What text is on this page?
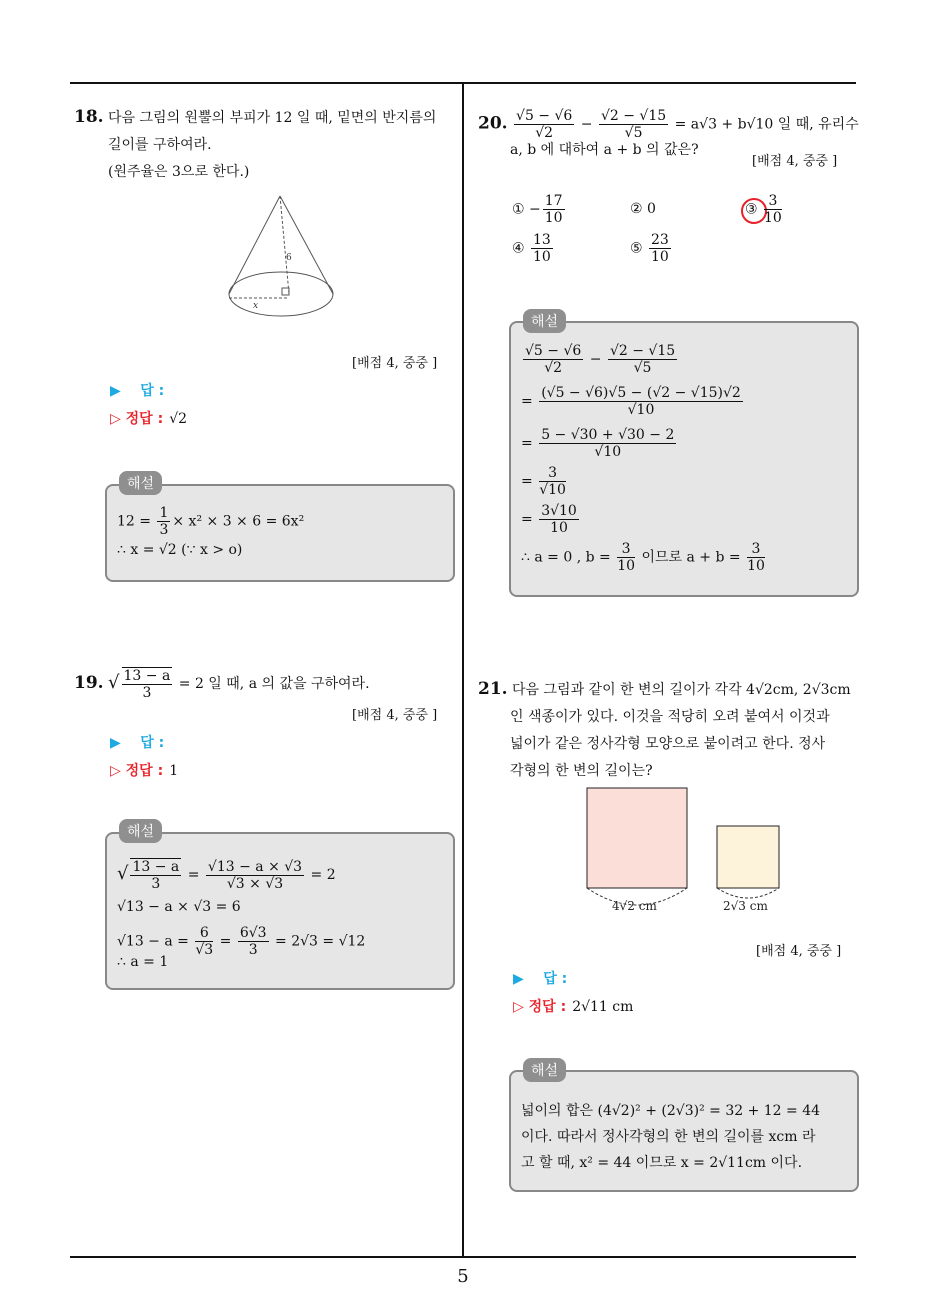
5
18. 다음 그림의 원뿔의 부피가 12 일 때, 밑면의 반지름의
길이를 구하여라.
(원주율은 3으로 한다.)
6
x
[배점 4, 중중 ]
▶ 답 :
▷ 정답 : √2
해설
$12 = \frac{1}{3} \times x^2 \times 3 \times 6 = 6x^2$
∴ x = √2 (∵ x > o)
19. √ $\frac{13 - a}{3} = 2$ 일 때, a 의 값을 구하여라.
[배점 4, 중중 ]
▶ 답 :
▷ 정답 : 1
해설
√ $\frac{13 - a}{3} = \frac{√13 - a \times √3}{√3 \times √3} = 2$
√13 − a × √3 = 6
$√13 - a = \frac{6}{√3} = \frac{6√3}{3} = 2√3 = √12$
∴ a = 1
20. $\frac{√5 - √6}{√2} - \frac{√2 - √15}{√5} = a√3 + b√10$ 일 때, 유리수
a, b 에 대하여 a + b 의 값은?
[배점 4, 중중 ]
① − $\frac{17}{10}$	② 0	③ $\frac{3}{10}$
④ $\frac{13}{10}$	⑤ $\frac{23}{10}$
해설
$\frac{√5 - √6}{√2} - \frac{√2 - √15}{√5}$
= $\frac{(√5 - √6)√5 - (√2 - √15)√2}{√10}$
= $\frac{5 - √30 + √30 - 2}{√10}$
= $\frac{3}{√10}$
= $\frac{3√10}{10}$
∴ a = 0 , $b = \frac{3}{10}$ 이므로 $a + b = \frac{3}{10}$
21. 다음 그림과 같이 한 변의 길이가 각각 4√2cm, 2√3cm
인 색종이가 있다. 이것을 적당히 오려 붙여서 이것과
넓이가 같은 정사각형 모양으로 붙이려고 한다. 정사
각형의 한 변의 길이는?
4√2 cm	2√3 cm
[배점 4, 중중 ]
▶ 답 :
▷ 정답 : 2√11 cm
해설
넓이의 합은 (4√2)² + (2√3)² = 32 + 12 = 44
이다. 따라서 정사각형의 한 변의 길이를 xcm 라
고 할 때, x² = 44 이므로 x = 2√11cm 이다.
